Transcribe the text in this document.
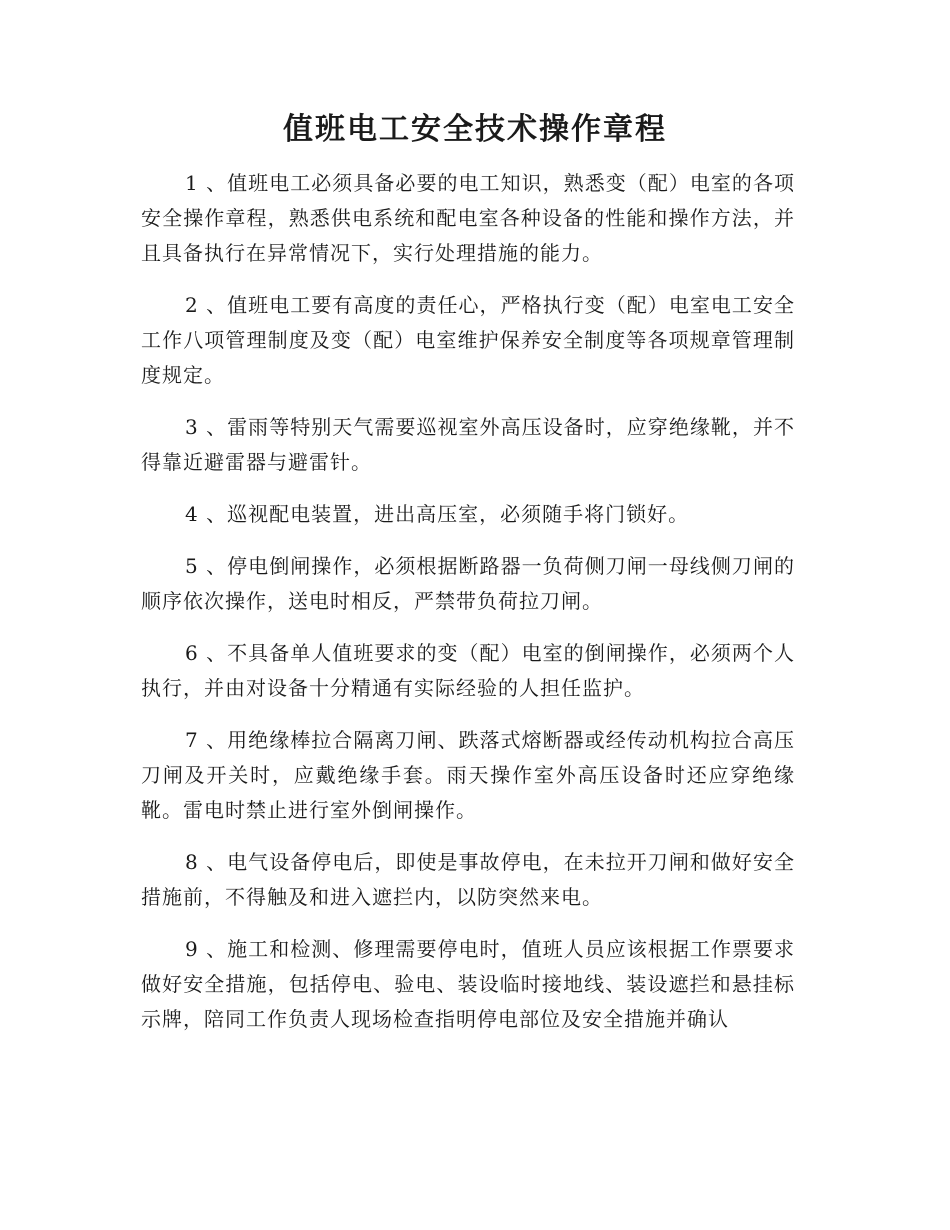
值班电工安全技术操作章程

1 、值班电工必须具备必要的电工知识，熟悉变（配）电室的各项安全操作章程，熟悉供电系统和配电室各种设备的性能和操作方法，并且具备执行在异常情况下，实行处理措施的能力。

2 、值班电工要有高度的责任心，严格执行变（配）电室电工安全工作八项管理制度及变（配）电室维护保养安全制度等各项规章管理制度规定。

3 、雷雨等特别天气需要巡视室外高压设备时，应穿绝缘靴，并不得靠近避雷器与避雷针。

4 、巡视配电装置，进出高压室，必须随手将门锁好。

5 、停电倒闸操作，必须根据断路器一负荷侧刀闸一母线侧刀闸的顺序依次操作，送电时相反，严禁带负荷拉刀闸。

6 、不具备单人值班要求的变（配）电室的倒闸操作，必须两个人执行，并由对设备十分精通有实际经验的人担任监护。

7 、用绝缘棒拉合隔离刀闸、跌落式熔断器或经传动机构拉合高压刀闸及开关时，应戴绝缘手套。雨天操作室外高压设备时还应穿绝缘靴。雷电时禁止进行室外倒闸操作。

8 、电气设备停电后，即使是事故停电，在未拉开刀闸和做好安全措施前，不得触及和进入遮拦内，以防突然来电。

9 、施工和检测、修理需要停电时，值班人员应该根据工作票要求做好安全措施，包括停电、验电、装设临时接地线、装设遮拦和悬挂标示牌，陪同工作负责人现场检查指明停电部位及安全措施并确认
